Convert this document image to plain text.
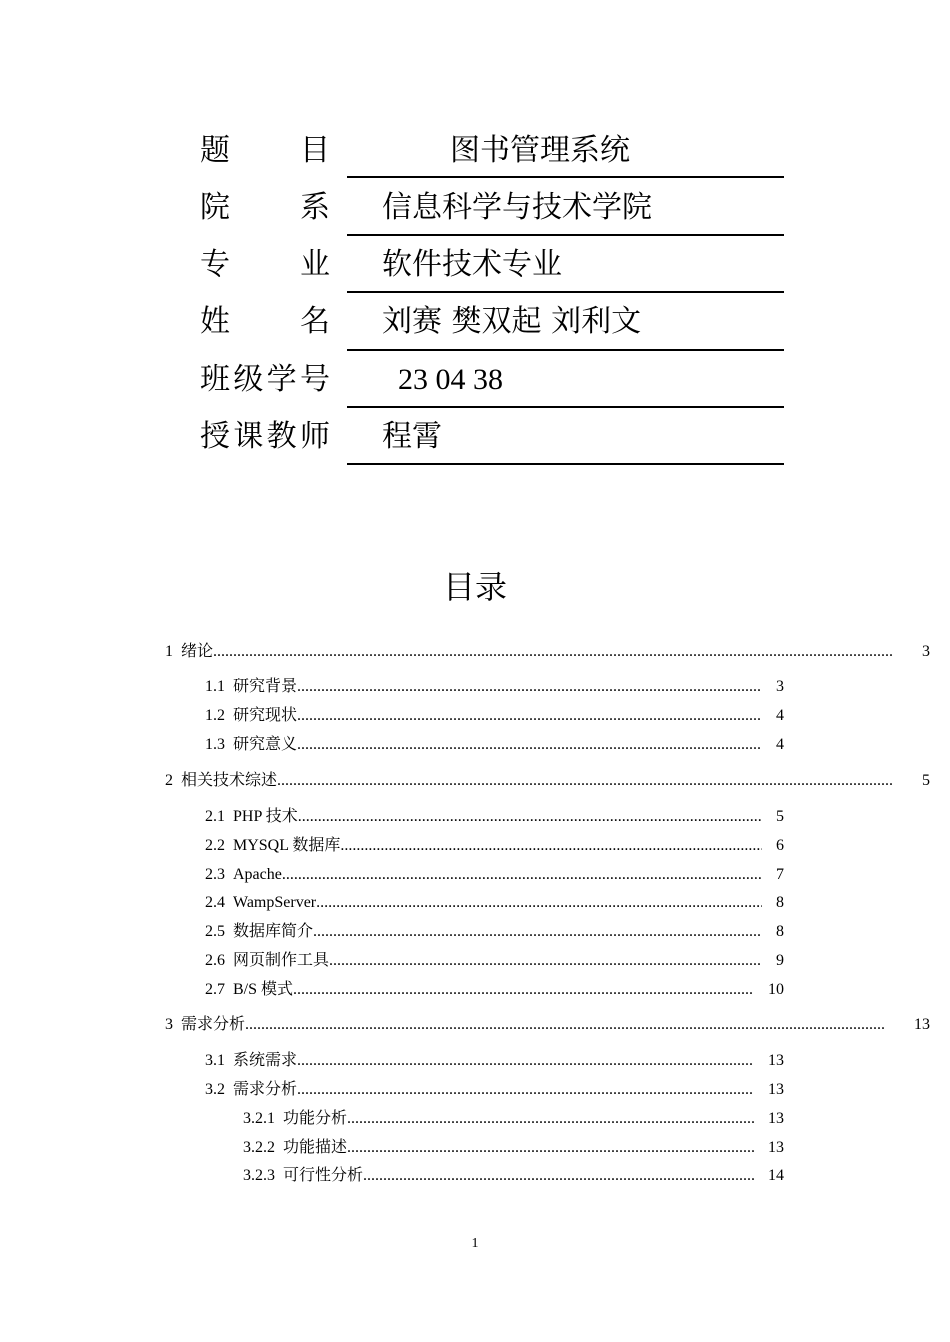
题　　目	图书管理系统
院　　系 信息科学与技术学院
专　　业 软件技术专业
姓　　名 刘赛 樊双起 刘利文
班级学号 23 04 38
授课教师 程霄
目录
1 绪论 .....	3
1.1 研究背景 .....	3
1.2 研究现状 .....	4
1.3 研究意义 .....	4
2 相关技术综述 .....	5
2.1 PHP 技术 .....	5
2.2 MYSQL 数据库 .....	6
2.3 Apache .....	7
2.4 WampServer .....	8
2.5 数据库简介 .....	8
2.6 网页制作工具 .....	9
2.7 B/S 模式 .....	10
3 需求分析 .....	13
3.1 系统需求 .....	13
3.2 需求分析 .....	13
3.2.1 功能分析 .....	13
3.2.2 功能描述 .....	13
3.2.3 可行性分析 .....	14
1
